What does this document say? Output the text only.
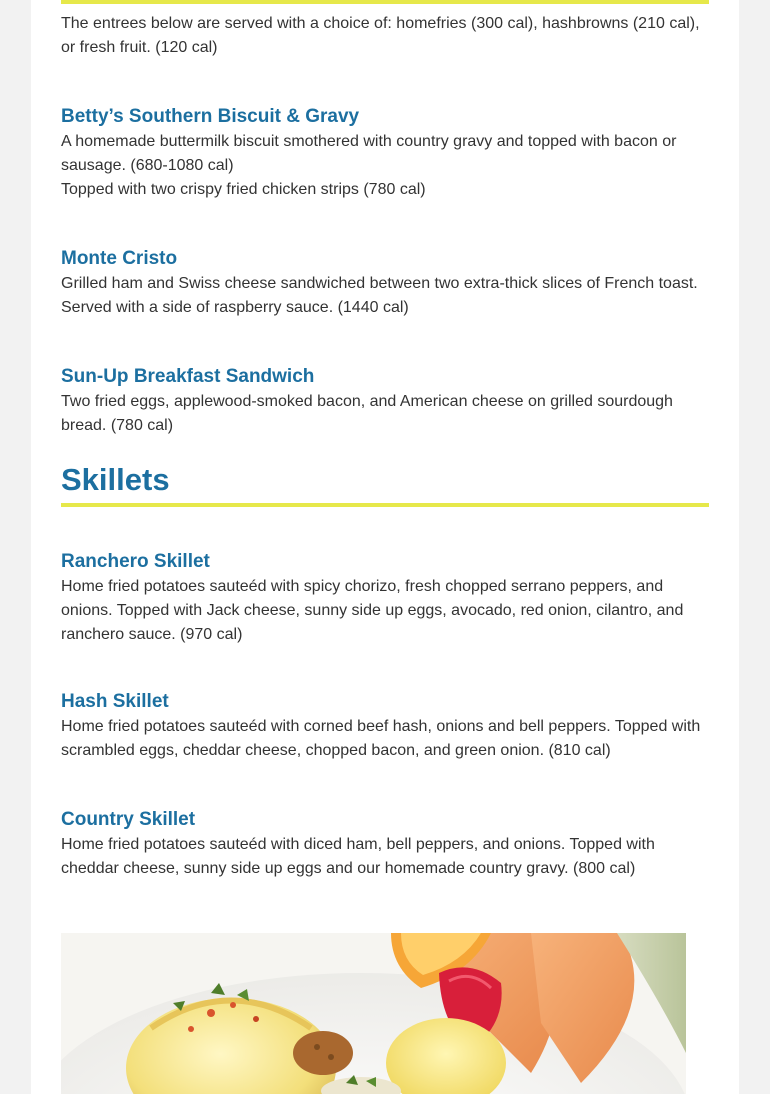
The entrees below are served with a choice of: homefries (300 cal), hashbrowns (210 cal), or fresh fruit. (120 cal)

Betty’s Southern Biscuit & Gravy

A homemade buttermilk biscuit smothered with country gravy and topped with bacon or sausage. (680-1080 cal)

Topped with two crispy fried chicken strips (780 cal)

Monte Cristo

Grilled ham and Swiss cheese sandwiched between two extra-thick slices of French toast. Served with a side of raspberry sauce. (1440 cal)

Sun-Up Breakfast Sandwich

Two fried eggs, applewood-smoked bacon, and American cheese on grilled sourdough bread. (780 cal)

Skillets
Ranchero Skillet

Home fried potatoes sauteéd with spicy chorizo, fresh chopped serrano peppers, and onions. Topped with Jack cheese, sunny side up eggs, avocado, red onion, cilantro, and ranchero sauce. (970 cal)

Hash Skillet

Home fried potatoes sauteéd with corned beef hash, onions and bell peppers. Topped with scrambled eggs, cheddar cheese, chopped bacon, and green onion. (810 cal)

Country Skillet

Home fried potatoes sauteéd with diced ham, bell peppers, and onions. Topped with cheddar cheese, sunny side up eggs and our homemade country gravy. (800 cal)
